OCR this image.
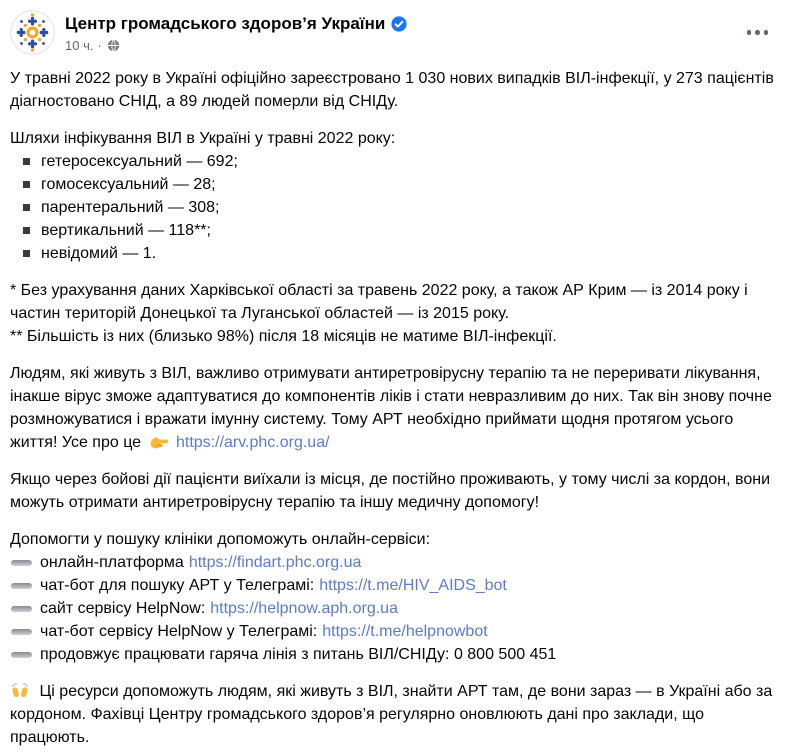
Центр громадського здоров’я України
10 ч. ·

У травні 2022 року в Україні офіційно зареєстровано 1 030 нових випадків ВІЛ-інфекції, у 273 пацієнтів діагностовано СНІД, а 89 людей померли від СНІДу.

Шляхи інфікування ВІЛ в Україні у травні 2022 року:
гетеросексуальний — 692;
гомосексуальний — 28;
парентеральний — 308;
вертикальний — 118**;
невідомий — 1.
* Без урахування даних Харківської області за травень 2022 року, а також АР Крим — із 2014 року і частин територій Донецької та Луганської областей — із 2015 року.
** Більшість із них (близько 98%) після 18 місяців не матиме ВІЛ-інфекції.

Людям, які живуть з ВІЛ, важливо отримувати антиретровірусну терапію та не переривати лікування, інакше вірус зможе адаптуватися до компонентів ліків і стати невразливим до них. Так він знову почне розмножуватися і вражати імунну систему. Тому АРТ необхідно приймати щодня протягом усього життя! Усе про це https://arv.phc.org.ua/

Якщо через бойові дії пацієнти виїхали із місця, де постійно проживають, у тому числі за кордон, вони можуть отримати антиретровірусну терапію та іншу медичну допомогу!

Допомогти у пошуку клініки допоможуть онлайн-сервіси:
онлайн-платформа https://findart.phc.org.ua
чат-бот для пошуку АРТ у Телеграмі: https://t.me/HIV_AIDS_bot
сайт сервісу HelpNow: https://helpnow.aph.org.ua
чат-бот сервісу HelpNow у Телеграмі: https://t.me/helpnowbot
продовжує працювати гаряча лінія з питань ВІЛ/СНІДу: 0 800 500 451

Ці ресурси допоможуть людям, які живуть з ВІЛ, знайти АРТ там, де вони зараз — в Україні або за кордоном. Фахівці Центру громадського здоров’я регулярно оновлюють дані про заклади, що працюють.
